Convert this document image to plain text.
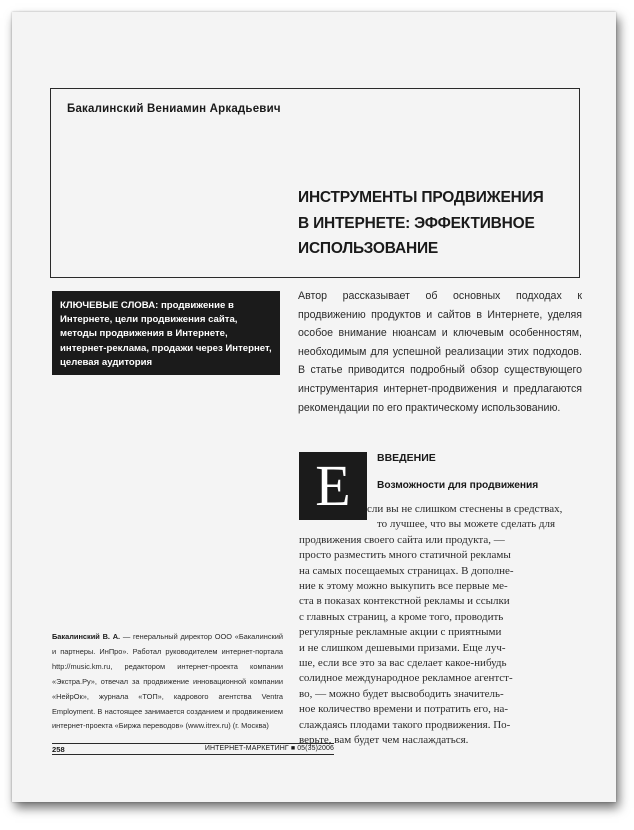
Бакалинский Вениамин Аркадьевич
ИНСТРУМЕНТЫ ПРОДВИЖЕНИЯ
В ИНТЕРНЕТЕ: ЭФФЕКТИВНОЕ
ИСПОЛЬЗОВАНИЕ
КЛЮЧЕВЫЕ СЛОВА: продвижение в Интернете, цели продвижения сайта, методы продвижения в Интернете, интернет-реклама, продажи через Интернет, целевая аудитория
Автор рассказывает об основных подходах к продвижению продуктов и сайтов в Интернете, уделяя особое внимание нюансам и ключевым особенностям, необходимым для успешной реализации этих подходов. В статье приводится подробный обзор существующего инструментария интернет-продвижения и предлагаются рекомендации по его практическому использованию.
Е	ВВЕДЕНИЕ
Возможности для продвижения
сли вы не слишком стеснены в средствах,
то лучшее, что вы можете сделать для
продвижения своего сайта или продукта, —
просто разместить много статичной рекламы
на самых посещаемых страницах. В дополне-
ние к этому можно выкупить все первые ме-
ста в показах контекстной рекламы и ссылки
с главных страниц, а кроме того, проводить
регулярные рекламные акции с приятными
и не слишком дешевыми призами. Еще луч-
ше, если все это за вас сделает какое-нибудь
солидное международное рекламное агентст-
во, — можно будет высвободить значитель-
ное количество времени и потратить его, на-
слаждаясь плодами такого продвижения. По-
верьте, вам будет чем наслаждаться.
Бакалинский В. А. — генеральный директор ООО «Бакалинский и партнеры. ИнПро». Работал руководителем интернет-портала http://music.km.ru, редактором интернет-проекта компании «Экстра.Ру», отвечал за продвижение инновационной компании «НейрОк», журнала «ТОП», кадрового агентства Ventra Employment. В настоящее занимается созданием и продвижением интернет-проекта «Биржа переводов» (www.itrex.ru) (г. Москва)
258	ИНТЕРНЕТ-МАРКЕТИНГ ■ 05(35)2006
